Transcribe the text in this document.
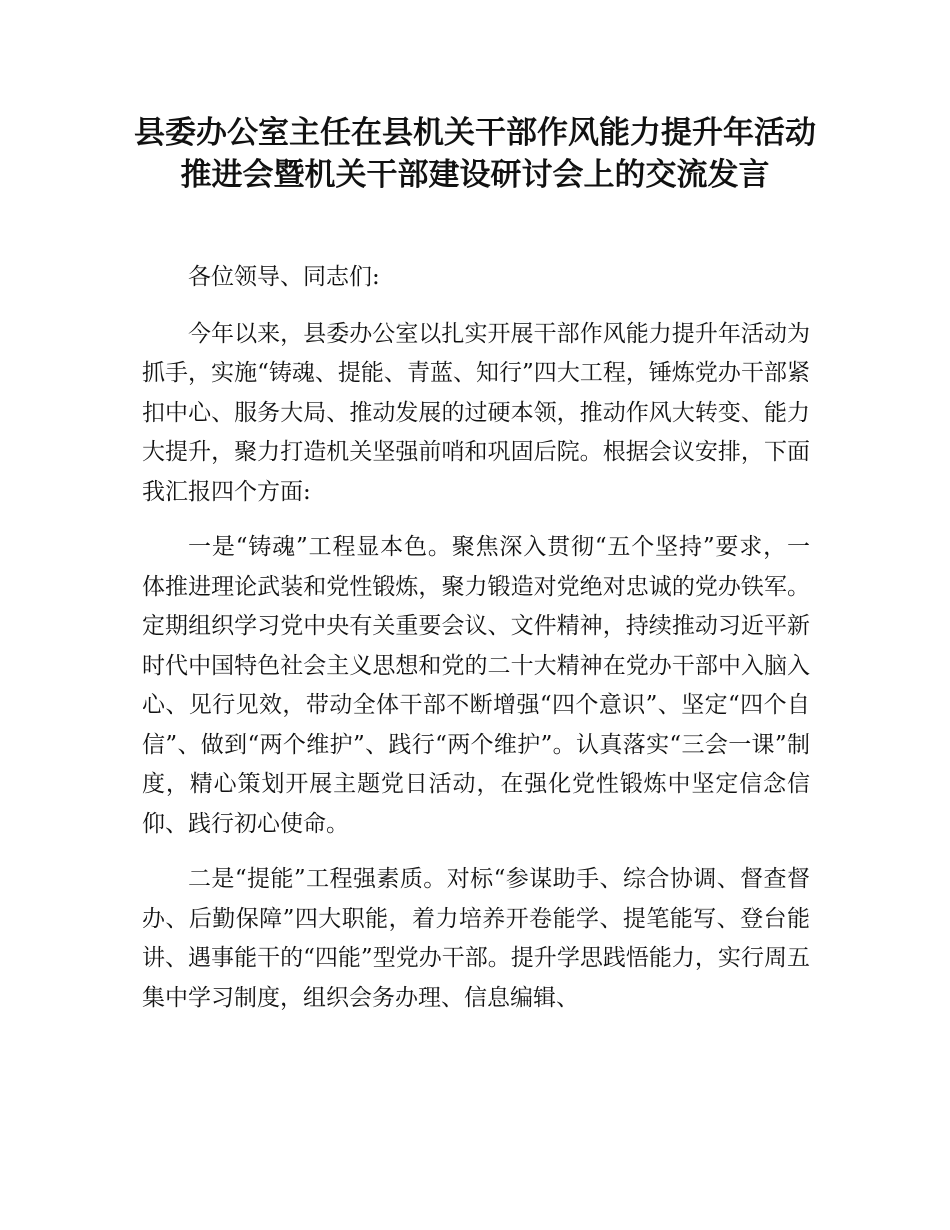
县委办公室主任在县机关干部作风能力提升年活动推进会暨机关干部建设研讨会上的交流发言

各位领导、同志们:

今年以来，县委办公室以扎实开展干部作风能力提升年活动为抓手，实施“铸魂、提能、青蓝、知行”四大工程，锤炼党办干部紧扣中心、服务大局、推动发展的过硬本领，推动作风大转变、能力大提升，聚力打造机关坚强前哨和巩固后院。根据会议安排，下面我汇报四个方面:

一是“铸魂”工程显本色。聚焦深入贯彻“五个坚持”要求，一体推进理论武装和党性锻炼，聚力锻造对党绝对忠诚的党办铁军。定期组织学习党中央有关重要会议、文件精神，持续推动习近平新时代中国特色社会主义思想和党的二十大精神在党办干部中入脑入心、见行见效，带动全体干部不断增强“四个意识”、坚定“四个自信”、做到“两个维护”、践行“两个维护”。认真落实“三会一课”制度，精心策划开展主题党日活动，在强化党性锻炼中坚定信念信仰、践行初心使命。

二是“提能”工程强素质。对标“参谋助手、综合协调、督查督办、后勤保障”四大职能，着力培养开卷能学、提笔能写、登台能讲、遇事能干的“四能”型党办干部。提升学思践悟能力，实行周五集中学习制度，组织会务办理、信息编辑、
